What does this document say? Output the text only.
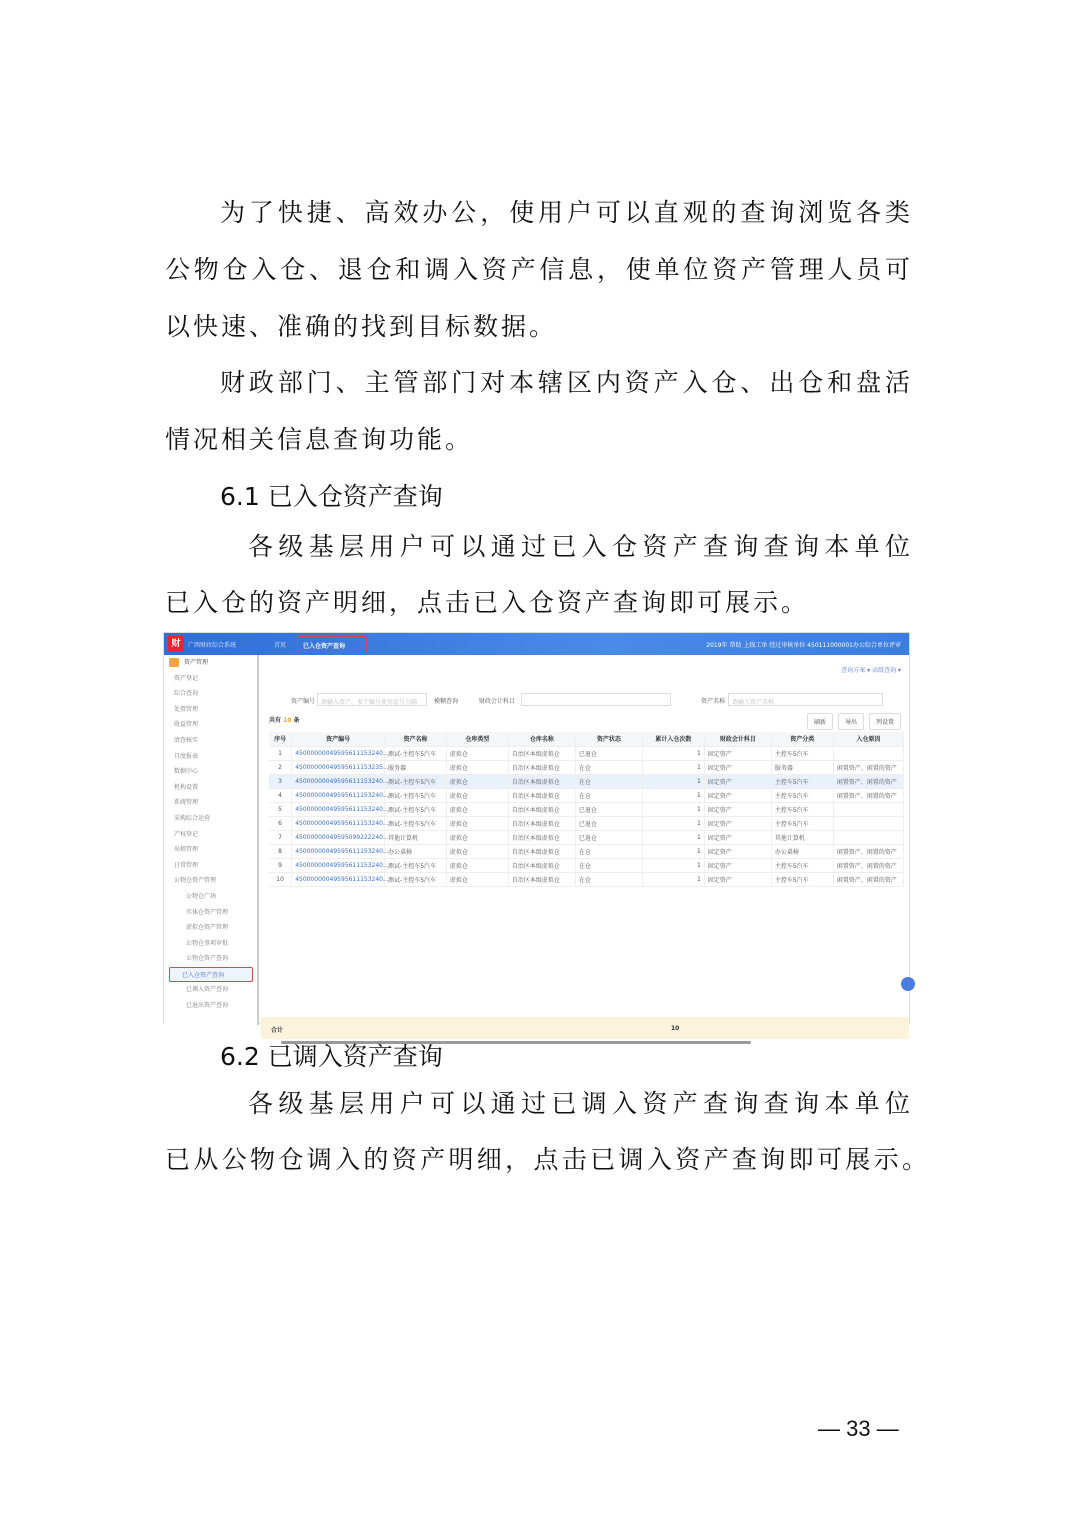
为了快捷、高效办公，使用户可以直观的查询浏览各类
公物仓入仓、退仓和调入资产信息，使单位资产管理人员可
以快速、准确的找到目标数据。
财政部门、主管部门对本辖区内资产入仓、出仓和盘活
情况相关信息查询功能。
6.1 已入仓资产查询
各级基层用户可以通过已入仓资产查询查询本单位
已入仓的资产明细，点击已入仓资产查询即可展示。
财	广西财政综合系统	首页	已入仓资产查询	2019年 帮助 上线工单 经过审核单位 450111000001办公综合单位评审
资产管理
资产登记
综合查询
处置管理
收益管理
清查核实
月度报表
数据中心
机构设置
系统管理
采购综合运营
产权登记
出租管理
日常管理
公物仓资产管理
公物仓广场
实体仓资产管理
虚拟仓资产管理
公物仓事项审批
公物仓资产查询
已入仓资产查询
已调入资产查询
已退出资产查询
查询方案 ▾ 高级查询 ▾
资产编号 请输入资产、多个编号使用逗号分隔	模糊查询	财政会计科目	资产名称	请输入资产名称
共有 10 条	刷新	导出	列设置
序号	资产编号	资产名称	仓库类型	仓库名称	资产状态	累计入仓次数	财政会计科目	资产分类	入仓原因
1	45000000049595611153240...	测试-主控车5汽车	虚拟仓	自治区本级虚拟仓	已退仓	1	固定资产	主控车5汽车	
2	45000000049595611153235...	服务器	虚拟仓	自治区本级虚拟仓	在仓	1	固定资产	服务器	闲置资产、闲置的资产
3	45000000049595611153240...	测试-主控车5汽车	虚拟仓	自治区本级虚拟仓	在仓	1	固定资产	主控车5汽车	闲置资产、闲置的资产
4	45000000049595611153240...	测试-主控车5汽车	虚拟仓	自治区本级虚拟仓	在仓	1	固定资产	主控车5汽车	闲置资产、闲置的资产
5	45000000049595611153240...	测试-主控车5汽车	虚拟仓	自治区本级虚拟仓	已退仓	1	固定资产	主控车5汽车	
6	45000000049595611153240...	测试-主控车5汽车	虚拟仓	自治区本级虚拟仓	已退仓	1	固定资产	主控车5汽车	
7	45000000049595099222240...	其他计算机	虚拟仓	自治区本级虚拟仓	已退仓	1	固定资产	其他计算机	
8	45000000049595611153240...	办公桌椅	虚拟仓	自治区本级虚拟仓	在仓	1	固定资产	办公桌椅	闲置资产、闲置的资产
9	45000000049595611153240...	测试-主控车5汽车	虚拟仓	自治区本级虚拟仓	在仓	1	固定资产	主控车5汽车	闲置资产、闲置的资产
10	45000000049595611153240...	测试-主控车5汽车	虚拟仓	自治区本级虚拟仓	在仓	1	固定资产	主控车5汽车	闲置资产、闲置的资产
合计	10
6.2 已调入资产查询
各级基层用户可以通过已调入资产查询查询本单位
已从公物仓调入的资产明细，点击已调入资产查询即可展示。
— 33 —
